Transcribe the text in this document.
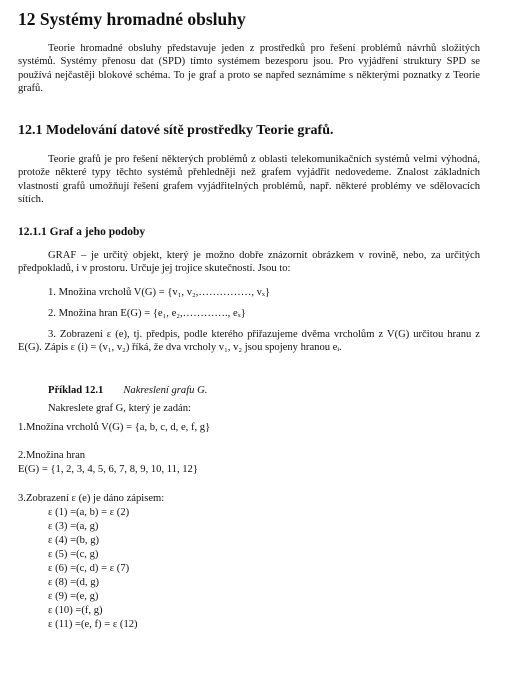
12 Systémy hromadné obsluhy

Teorie hromadné obsluhy představuje jeden z prostředků pro řešení problémů návrhů složitých systémů. Systémy přenosu dat (SPD) tímto systémem bezesporu jsou. Pro vyjádření struktury SPD se používá nejčastěji blokové schéma. To je graf a proto se napřed seznámíme s některými poznatky z Teorie grafů.

12.1 Modelování datové sítě prostředky Teorie grafů.

Teorie grafů je pro řešení některých problémů z oblasti telekomunikačních systémů velmi výhodná, protože některé typy těchto systémů přehledněji než grafem vyjádřit nedovedeme. Znalost základních vlastností grafů umožňují řešení grafem vyjádřitelných problémů, např. některé problémy ve sdělovacích sítích.

12.1.1 Graf a jeho podoby

GRAF – je určitý objekt, který je možno dobře znázornit obrázkem v rovině, nebo, za určitých předpokladů, i v prostoru. Určuje jej trojice skutečností. Jsou to:

1. Množina vrcholů V(G) = {v₁, v₂,……………, vₓ}
2. Množina hran E(G) = {e₁, e₂,…………., eₓ}

3. Zobrazení ε (e), tj. předpis, podle kterého přiřazujeme dvěma vrcholům z V(G) určitou hranu z E(G). Zápis ε (i) = (v₁, v₂) říká, že dva vrcholy v₁, v₂ jsou spojeny hranou eᵢ.

Příklad 12.1 Nakreslení grafu G.
Nakreslete graf G, který je zadán:
1.Množina vrcholů V(G) = {a, b, c, d, e, f, g}
2.Množina hran
E(G) = {1, 2, 3, 4, 5, 6, 7, 8, 9, 10, 11, 12}
3.Zobrazení ε (e) je dáno zápisem:
ε (1) =(a, b) = ε (2)
ε (3) =(a, g)
ε (4) =(b, g)
ε (5) =(c, g)
ε (6) =(c, d) = ε (7)
ε (8) =(d, g)
ε (9) =(e, g)
ε (10) =(f, g)
ε (11) =(e, f) = ε (12)
